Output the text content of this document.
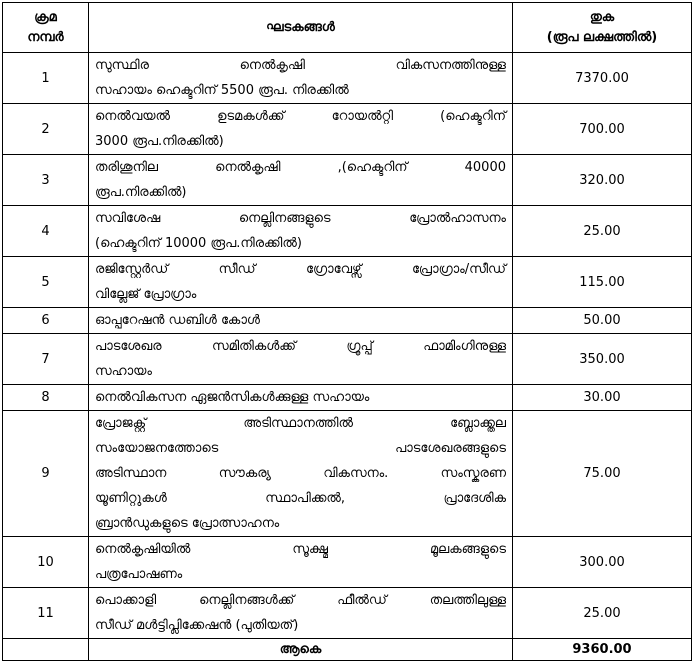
ക്രമ
നമ്പർ	ഘടകങ്ങൾ	തുക
(രൂപ ലക്ഷത്തിൽ)

1	സുസ്ഥിര നെൽകൃഷി വികസനത്തിനുള്ള
സഹായം ഹെക്ടറിന് 5500 രൂപ. നിരക്കിൽ	7370.00
2	നെൽവയൽ ഉടമകൾക്ക് റോയൽറ്റി (ഹെക്ടറിന്
3000 രൂപ.നിരക്കിൽ)	700.00
3	തരിശുനില നെൽകൃഷി ,(ഹെക്ടറിന് 40000
രൂപ.നിരക്കിൽ)	320.00
4	സവിശേഷ നെല്ലിനങ്ങളുടെ പ്രോൽഹാസനം
(ഹെക്ടറിന് 10000 രൂപ.നിരക്കിൽ)	25.00
5	രജിസ്റ്റേർഡ് സീഡ് ഗ്രോവേഴ്സ് പ്രോഗ്രാം/സീഡ്
വില്ലേജ് പ്രോഗ്രാം	115.00
6	ഓപ്പറേഷൻ ഡബിൾ കോൾ	50.00
7	പാടശേഖര സമിതികൾക്ക് ഗ്രൂപ്പ് ഫാമിംഗിനുള്ള
സഹായം	350.00
8	നെൽവികസന ഏജൻസികൾക്കുള്ള സഹായം	30.00
9	പ്രോജക്റ്റ് അടിസ്ഥാനത്തിൽ ബ്ലോക്ക്തല
സംയോജനത്തോടെ പാടശേഖരങ്ങളുടെ
അടിസ്ഥാന സൗകര്യ വികസനം. സംസ്കരണ
യൂണിറ്റുകൾ സ്ഥാപിക്കൽ, പ്രാദേശിക
ബ്രാൻഡുകളുടെ പ്രോത്സാഹനം	75.00
10	നെൽകൃഷിയിൽ സൂക്ഷ്മ മൂലകങ്ങളുടെ
പത്രപോഷണം	300.00
11	പൊക്കാളി നെല്ലിനങ്ങൾക്ക് ഫീൽഡ് തലത്തിലുള്ള
സീഡ് മൾട്ടിപ്ലിക്കേഷൻ (പുതിയത്)	25.00
	ആകെ	9360.00
